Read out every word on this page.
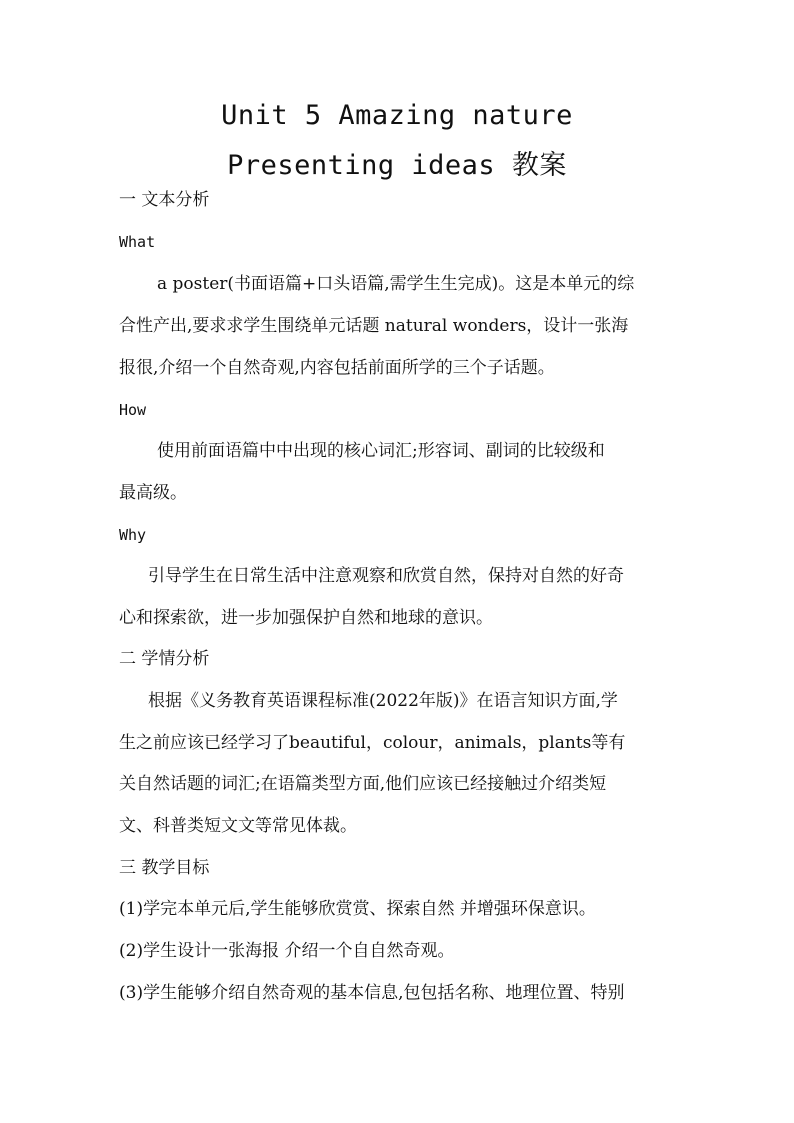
Unit 5 Amazing nature
Presenting ideas 教案
一 文本分析
What
a poster(书面语篇+口头语篇,需学生生完成)。这是本单元的综
合性产出,要求求学生围绕单元话题 natural wonders，设计一张海
报很,介绍一个自然奇观,内容包括前面所学的三个子话题。
How
使用前面语篇中中出现的核心词汇;形容词、副词的比较级和
最高级。
Why
引导学生在日常生活中注意观察和欣赏自然，保持对自然的好奇
心和探索欲，进一步加强保护自然和地球的意识。
二 学情分析
根据《义务教育英语课程标准(2022年版)》在语言知识方面,学
生之前应该已经学习了beautiful，colour，animals，plants等有
关自然话题的词汇;在语篇类型方面,他们应该已经接触过介绍类短
文、科普类短文文等常见体裁。
三 教学目标
(1)学完本单元后,学生能够欣赏赏、探索自然 并增强环保意识。
(2)学生设计一张海报 介绍一个自自然奇观。
(3)学生能够介绍自然奇观的基本信息,包包括名称、地理位置、特别
